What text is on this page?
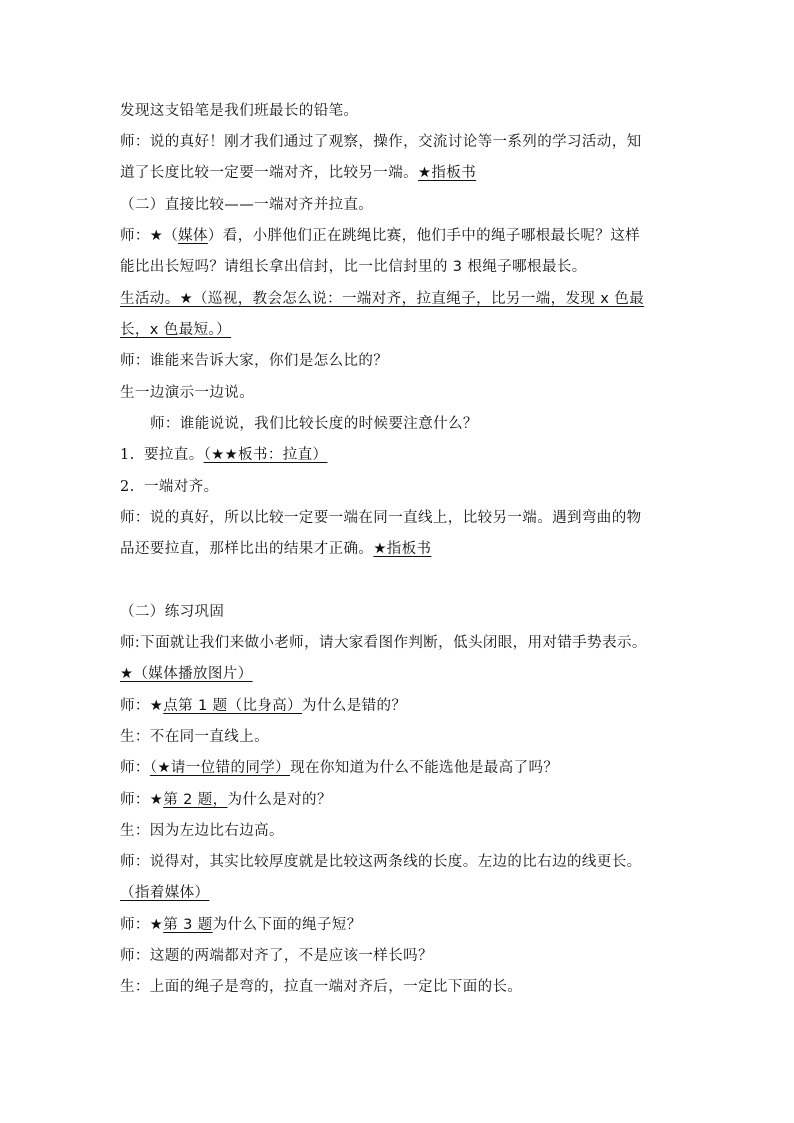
发现这支铅笔是我们班最长的铅笔。
师：说的真好！刚才我们通过了观察，操作，交流讨论等一系列的学习活动，知
道了长度比较一定要一端对齐，比较另一端。★指板书
（二）直接比较——一端对齐并拉直。
师：★（媒体）看，小胖他们正在跳绳比赛，他们手中的绳子哪根最长呢？这样
能比出长短吗？请组长拿出信封，比一比信封里的 3 根绳子哪根最长。
生活动。★（巡视，教会怎么说：一端对齐，拉直绳子，比另一端，发现 x 色最
长，x 色最短。）
师：谁能来告诉大家，你们是怎么比的？
生一边演示一边说。
师：谁能说说，我们比较长度的时候要注意什么？
1. 要拉直。（★★板书：拉直）
2. 一端对齐。
师：说的真好，所以比较一定要一端在同一直线上，比较另一端。遇到弯曲的物
品还要拉直，那样比出的结果才正确。★指板书
（二）练习巩固
师:下面就让我们来做小老师，请大家看图作判断，低头闭眼，用对错手势表示。
★（媒体播放图片）
师：★点第 1 题（比身高）为什么是错的？
生：不在同一直线上。
师：（★请一位错的同学）现在你知道为什么不能选他是最高了吗？
师：★第 2 题，为什么是对的？
生：因为左边比右边高。
师：说得对，其实比较厚度就是比较这两条线的长度。左边的比右边的线更长。
（指着媒体）
师：★第 3 题为什么下面的绳子短？
师：这题的两端都对齐了，不是应该一样长吗？
生：上面的绳子是弯的，拉直一端对齐后，一定比下面的长。
